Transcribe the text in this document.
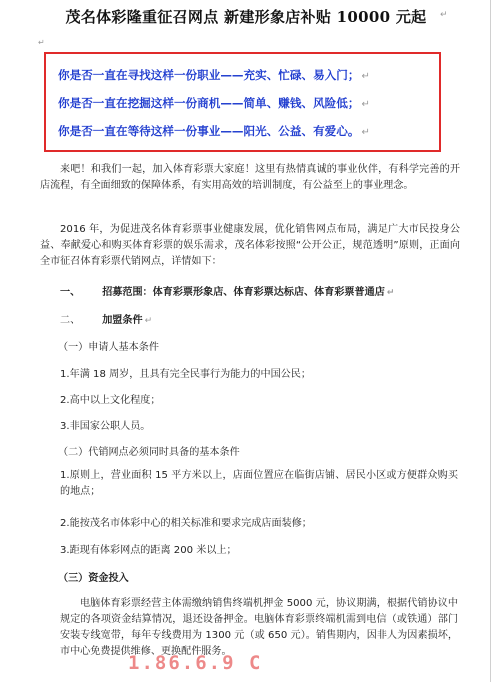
茂名体彩隆重征召网点 新建形象店补贴 10000 元起	↵
↵
你是否一直在寻找这样一份职业——充实、忙碌、易入门； ↵
你是否一直在挖掘这样一份商机——简单、赚钱、风险低； ↵
你是否一直在等待这样一份事业——阳光、公益、有爱心。 ↵
来吧！和我们一起，加入体育彩票大家庭！这里有热情真诚的事业伙伴，有科学完善的开店流程，有全面细致的保障体系，有实用高效的培训制度，有公益至上的事业理念。
2016 年，为促进茂名体育彩票事业健康发展，优化销售网点布局，满足广大市民投身公益、奉献爱心和购买体育彩票的娱乐需求，茂名体彩按照“公开公正，规范透明”原则，正面向全市征召体育彩票代销网点，详情如下：
一、 招募范围：体育彩票形象店、体育彩票达标店、体育彩票普通店 ↵
二、 加盟条件 ↵
（一）申请人基本条件
1.年满 18 周岁，且具有完全民事行为能力的中国公民；
2.高中以上文化程度；
3.非国家公职人员。
（二）代销网点必须同时具备的基本条件
1.原则上，营业面积 15 平方米以上，店面位置应在临街店铺、居民小区或方便群众购买的地点；
2.能按茂名市体彩中心的相关标准和要求完成店面装修；
3.距现有体彩网点的距离 200 米以上；
（三）资金投入
电脑体育彩票经营主体需缴纳销售终端机押金 5000 元，协议期满，根据代销协议中规定的各项资金结算情况，退还设备押金。电脑体育彩票终端机需到电信（或铁通）部门安装专线宽带，每年专线费用为 1300 元（或 650 元）。销售期内，因非人为因素损坏，市中心免费提供维修、更换配件服务。
1.86.6.9 C
